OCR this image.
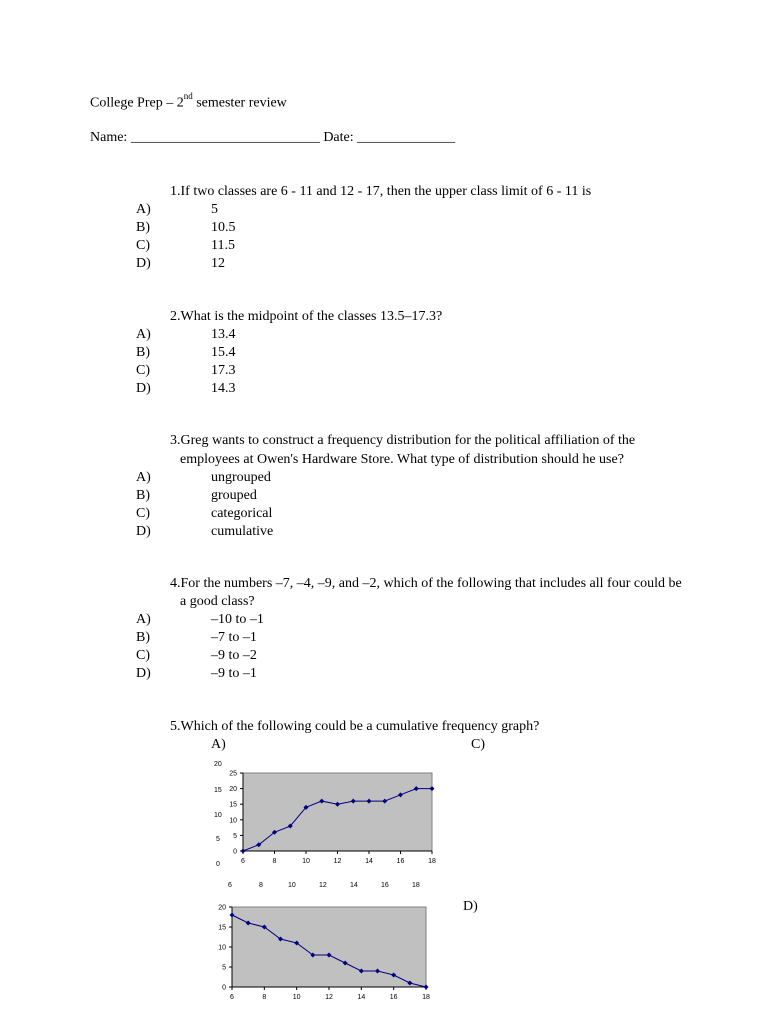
College Prep – 2nd semester review
Name: ___________________________ Date: ______________
1.If two classes are 6 - 11 and 12 - 17, then the upper class limit of 6 - 11 is
A)	5
B)	10.5
C)	11.5
D)	12
2.What is the midpoint of the classes 13.5–17.3?
A)	13.4
B)	15.4
C)	17.3
D)	14.3
3.Greg wants to construct a frequency distribution for the political affiliation of the
employees at Owen's Hardware Store. What type of distribution should he use?
A)	ungrouped
B)	grouped
C)	categorical
D)	cumulative
4.For the numbers –7, –4, –9, and –2, which of the following that includes all four could be
a good class?
A)	–10 to –1
B)	–7 to –1
C)	–9 to –2
D)	–9 to –1
5.Which of the following could be a cumulative frequency graph?
A)	C)
D)
20
15
10
5
0
6	8	10	12	14	16	18
0
5
10
15
20
25
6	8	10	12	14	16	18
0
5
10
15
20
6	8	10	12	14	16	18
